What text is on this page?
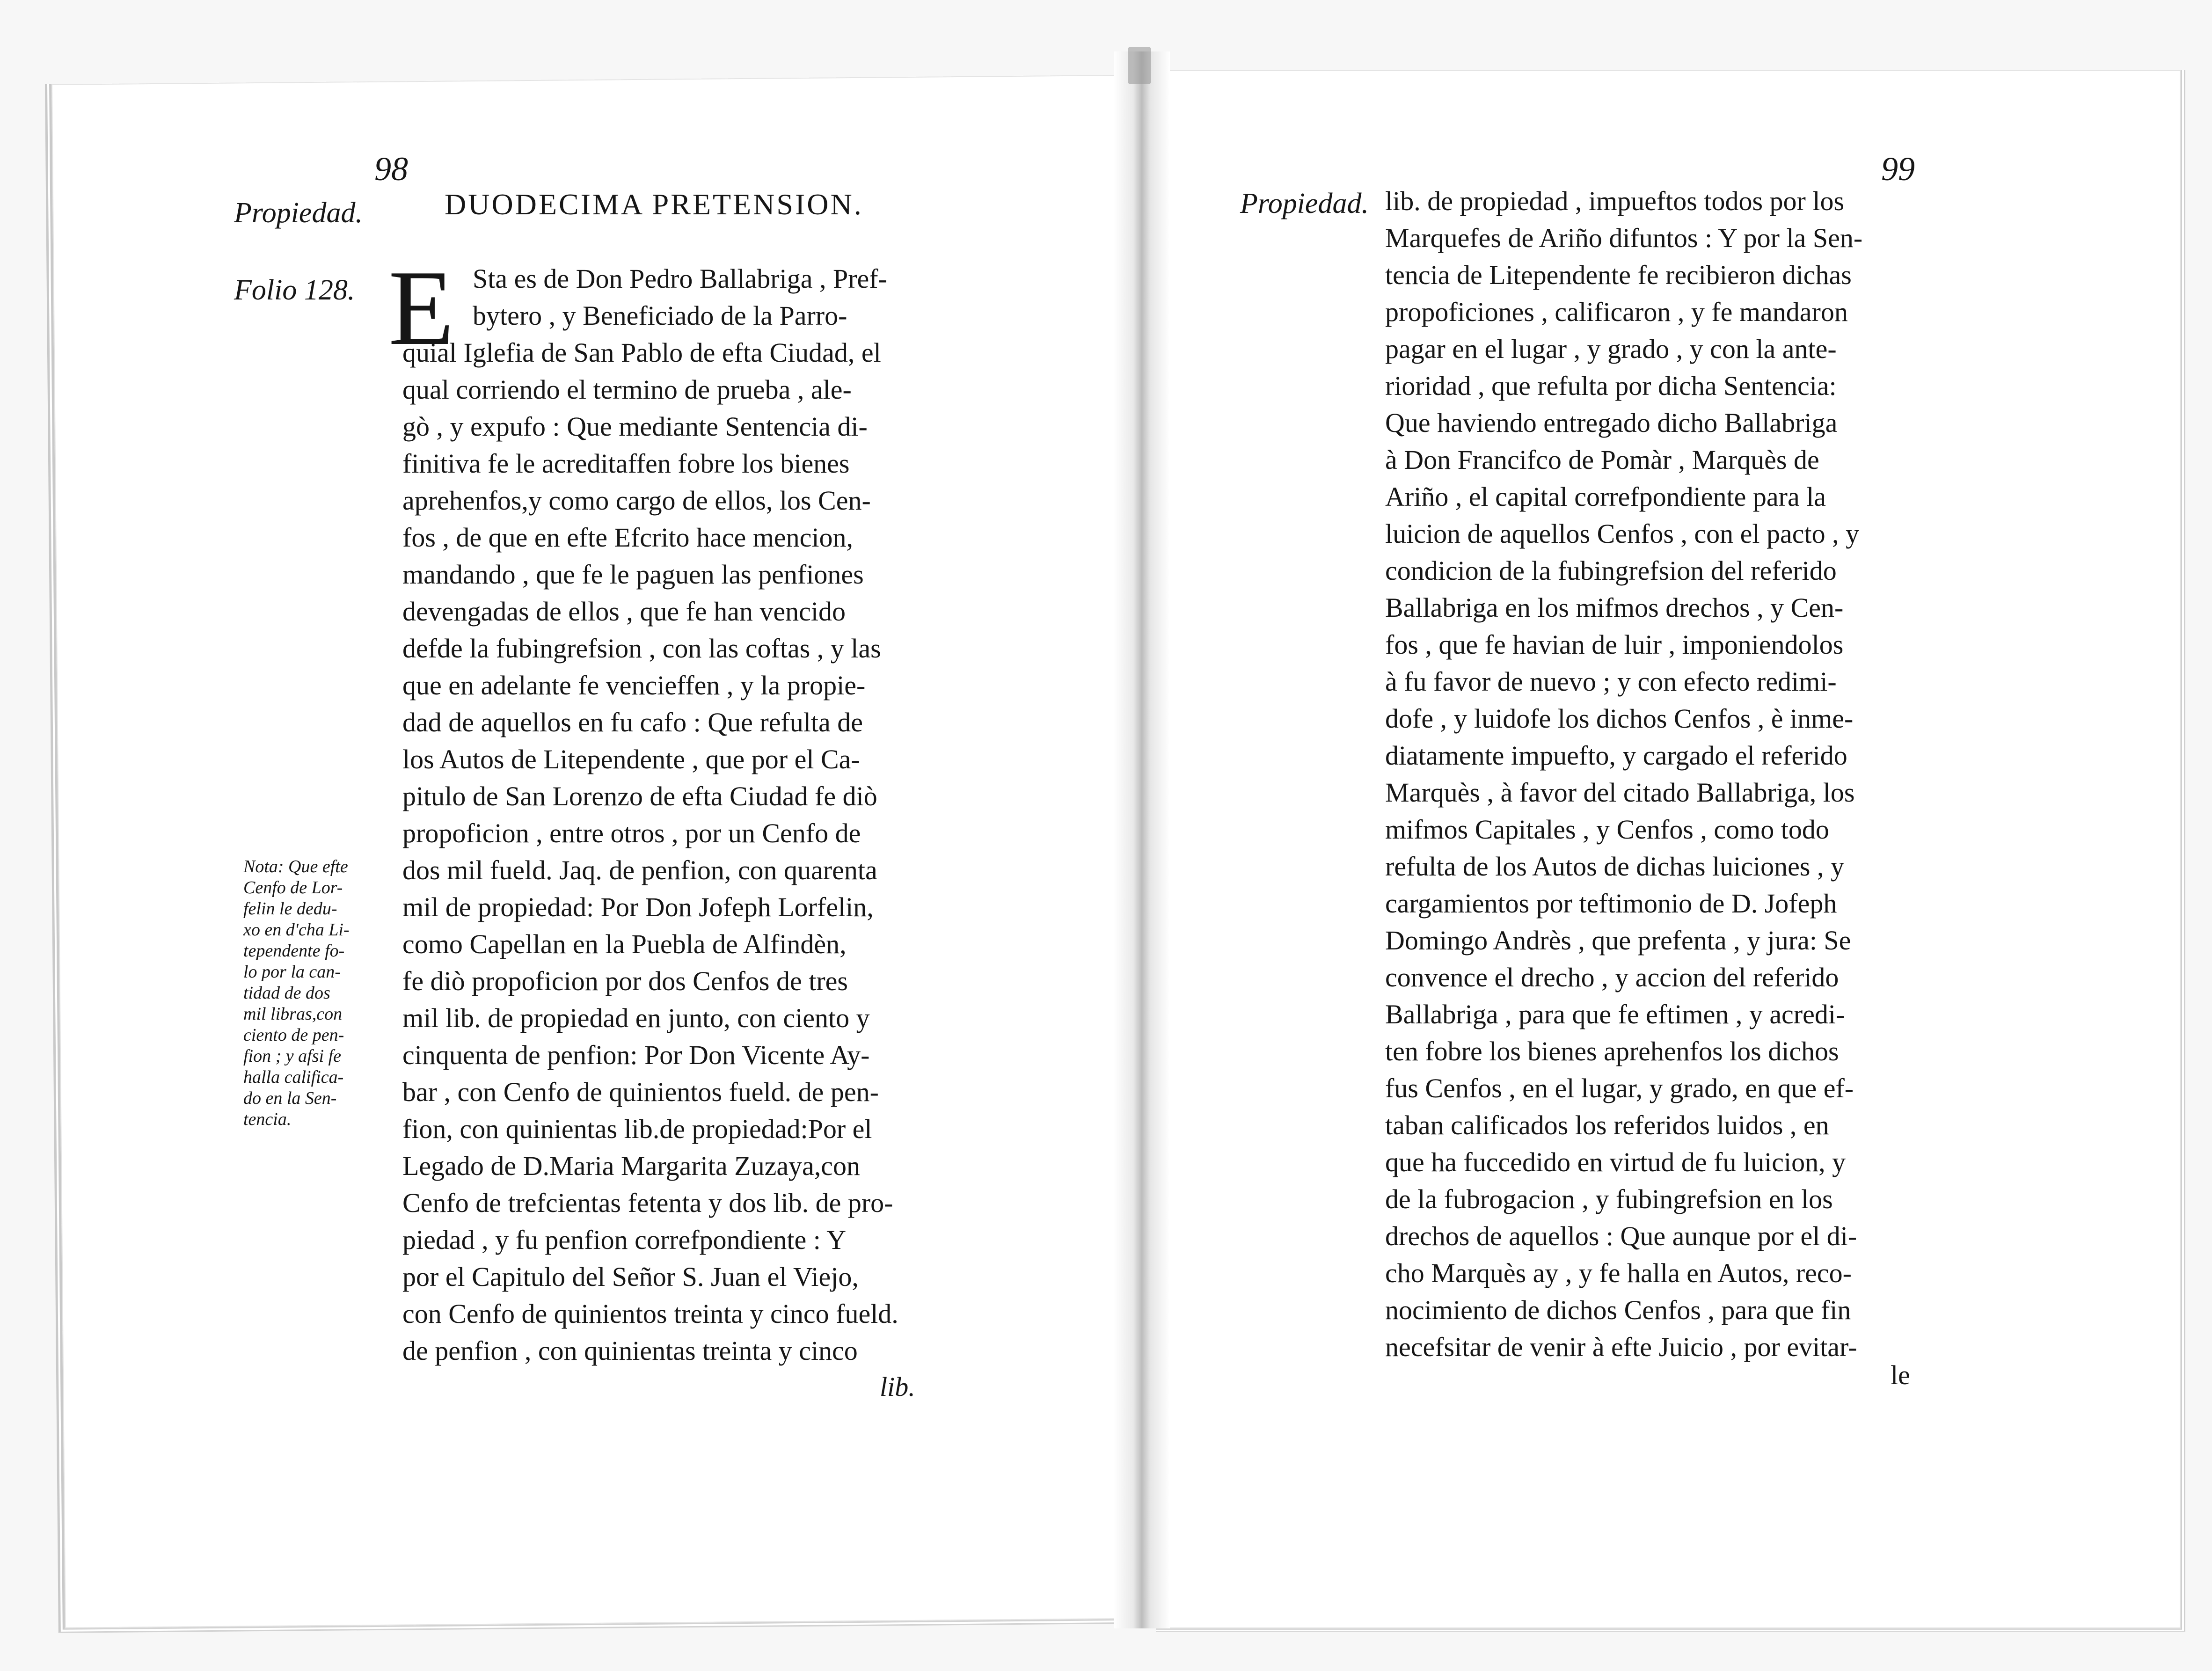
Propiedad.
98
DUODECIMA PRETENSION.
Folio 128. E Sta es de Don Pedro Ballabriga , Pref-
bytero , y Beneficiado de la Parro-
quial Iglefia de San Pablo de efta Ciudad, el
qual corriendo el termino de prueba , ale-
gò , y expufo : Que mediante Sentencia di-
finitiva fe le acreditaffen fobre los bienes
aprehenfos,y como cargo de ellos, los Cen-
fos , de que en efte Efcrito hace mencion,
mandando , que fe le paguen las penfiones
devengadas de ellos , que fe han vencido
defde la fubingrefsion , con las coftas , y las
que en adelante fe vencieffen , y la propie-
dad de aquellos en fu cafo : Que refulta de
los Autos de Litependente , que por el Ca-
pitulo de San Lorenzo de efta Ciudad fe diò
propoficion , entre otros , por un Cenfo de
dos mil fueld. Jaq. de penfion, con quarenta
mil de propiedad: Por Don Jofeph Lorfelin,
como Capellan en la Puebla de Alfindèn,
fe diò propoficion por dos Cenfos de tres
mil lib. de propiedad en junto, con ciento y
cinquenta de penfion: Por Don Vicente Ay-
bar , con Cenfo de quinientos fueld. de pen-
fion, con quinientas lib.de propiedad:Por el
Legado de D.Maria Margarita Zuzaya,con
Cenfo de trefcientas fetenta y dos lib. de pro-
piedad , y fu penfion correfpondiente : Y
por el Capitulo del Señor S. Juan el Viejo,
con Cenfo de quinientos treinta y cinco fueld.
de penfion , con quinientas treinta y cinco
Nota: Que efte
Cenfo de Lor-
felin le dedu-
xo en d'cha Li-
tependente fo-
lo por la can-
tidad de dos
mil libras,con
ciento de pen-
fion ; y afsi fe
halla califica-
do en la Sen-
tencia.
lib.
Propiedad.
99
lib. de propiedad , impueftos todos por los
Marquefes de Ariño difuntos : Y por la Sen-
tencia de Litependente fe recibieron dichas
propoficiones , calificaron , y fe mandaron
pagar en el lugar , y grado , y con la ante-
rioridad , que refulta por dicha Sentencia:
Que haviendo entregado dicho Ballabriga
à Don Francifco de Pomàr , Marquès de
Ariño , el capital correfpondiente para la
luicion de aquellos Cenfos , con el pacto , y
condicion de la fubingrefsion del referido
Ballabriga en los mifmos drechos , y Cen-
fos , que fe havian de luir , imponiendolos
à fu favor de nuevo ; y con efecto redimi-
dofe , y luidofe los dichos Cenfos , è inme-
diatamente impuefto, y cargado el referido
Marquès , à favor del citado Ballabriga, los
mifmos Capitales , y Cenfos , como todo
refulta de los Autos de dichas luiciones , y
cargamientos por teftimonio de D. Jofeph
Domingo Andrès , que prefenta , y jura: Se
convence el drecho , y accion del referido
Ballabriga , para que fe eftimen , y acredi-
ten fobre los bienes aprehenfos los dichos
fus Cenfos , en el lugar, y grado, en que ef-
taban calificados los referidos luidos , en
que ha fuccedido en virtud de fu luicion, y
de la fubrogacion , y fubingrefsion en los
drechos de aquellos : Que aunque por el di-
cho Marquès ay , y fe halla en Autos, reco-
nocimiento de dichos Cenfos , para que fin
necefsitar de venir à efte Juicio , por evitar-
le
